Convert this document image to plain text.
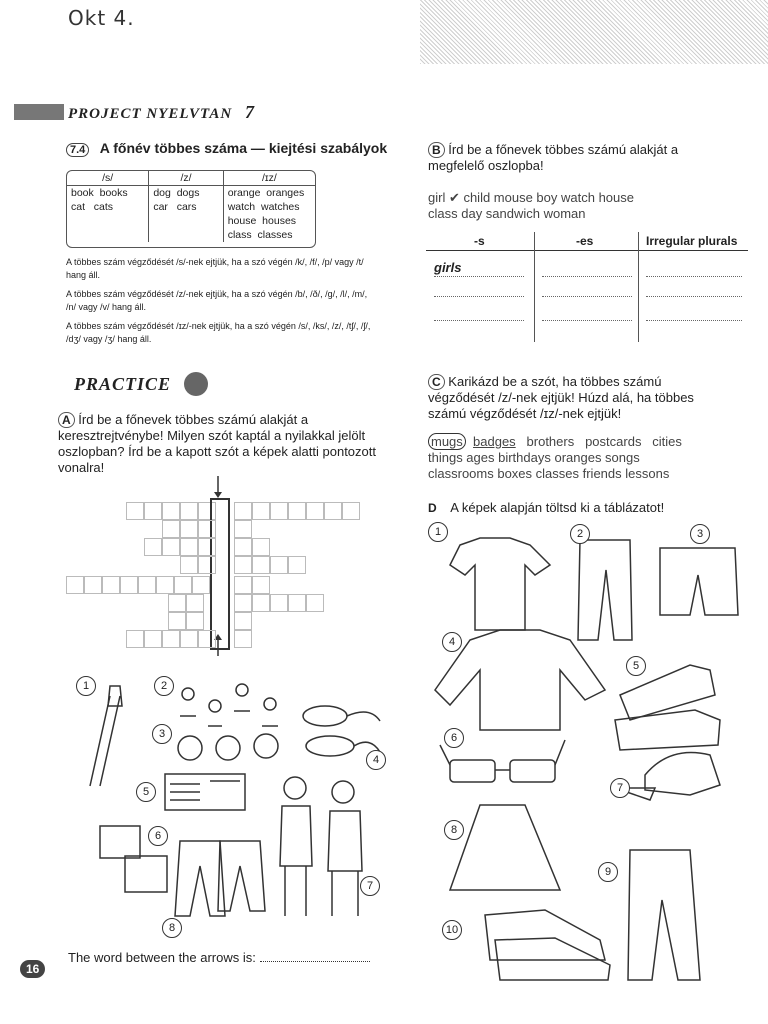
Okt 4.
PROJECT NYELVTAN 7
7.4 A főnév többes száma — kiejtési szabályok
/s/	/z/	/ɪz/
book books	dog dogs	orange oranges
cat cats	car cars	watch watches
		house houses
		class classes
A többes szám végződését /s/-nek ejtjük, ha a szó végén /k/, /f/, /p/ vagy /t/ hang áll.
A többes szám végződését /z/-nek ejtjük, ha a szó végén /b/, /ð/, /g/, /l/, /m/, /n/ vagy /v/ hang áll.
A többes szám végződését /ɪz/-nek ejtjük, ha a szó végén /s/, /ks/, /z/, /tʃ/, /ʃ/, /dʒ/ vagy /ʒ/ hang áll.
PRACTICE
A Írd be a főnevek többes számú alakját a keresztrejtvénybe! Milyen szót kaptál a nyilakkal jelölt oszlopban? Írd be a kapott szót a képek alatti pontozott vonalra!
1	2
3
4
5
6
7
8
The word between the arrows is:
B Írd be a főnevek többes számú alakját a megfelelő oszlopba!
girl ✔ child mouse boy watch house
class day sandwich woman
-s	-es	Irregular plurals
girls
C Karikázd be a szót, ha többes számú végződését /z/-nek ejtjük! Húzd alá, ha többes számú végződését /ɪz/-nek ejtjük!
mugs badges brothers postcards cities
things ages birthdays oranges songs
classrooms boxes classes friends lessons
D A képek alapján töltsd ki a táblázatot!
1	2	3
4
5
6
7
8
9
10
16
